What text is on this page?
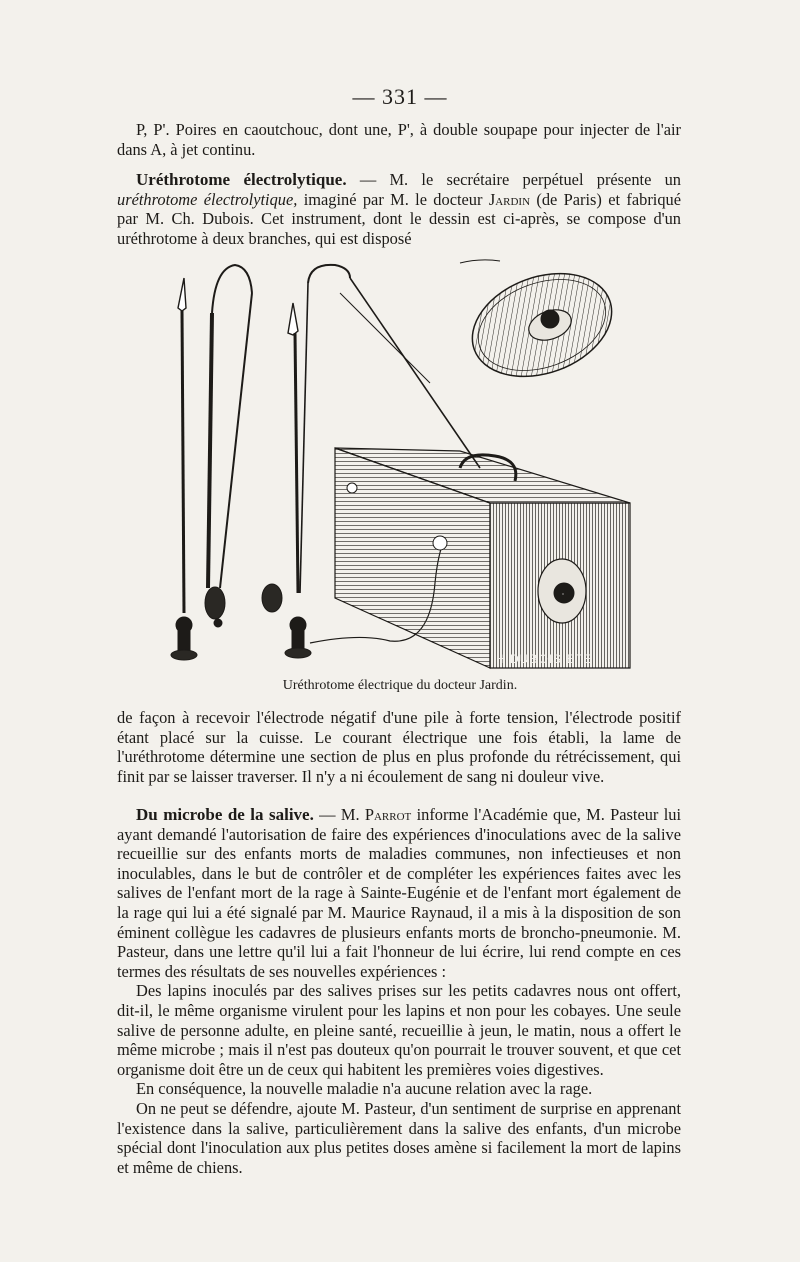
— 331 —

P, P'. Poires en caoutchouc, dont une, P', à double soupape pour injecter de l'air dans A, à jet continu.

Uréthrotome électrolytique. — M. le secrétaire perpétuel présente un uréthrotome électrolytique, imaginé par M. le docteur Jardin (de Paris) et fabriqué par M. Ch. Dubois. Cet instrument, dont le dessin est ci-après, se compose d'un uréthrotome à deux branches, qui est disposé

H.DUBOIS.ETE
Uréthrotome électrique du docteur Jardin.

de façon à recevoir l'électrode négatif d'une pile à forte tension, l'électrode positif étant placé sur la cuisse. Le courant électrique une fois établi, la lame de l'uréthrotome détermine une section de plus en plus profonde du rétrécissement, qui finit par se laisser traverser. Il n'y a ni écoulement de sang ni douleur vive.

Du microbe de la salive. — M. Parrot informe l'Académie que, M. Pasteur lui ayant demandé l'autorisation de faire des expériences d'inoculations avec de la salive recueillie sur des enfants morts de maladies communes, non infectieuses et non inoculables, dans le but de contrôler et de compléter les expériences faites avec les salives de l'enfant mort de la rage à Sainte-Eugénie et de l'enfant mort également de la rage qui lui a été signalé par M. Maurice Raynaud, il a mis à la disposition de son éminent collègue les cadavres de plusieurs enfants morts de broncho-pneumonie. M. Pasteur, dans une lettre qu'il lui a fait l'honneur de lui écrire, lui rend compte en ces termes des résultats de ses nouvelles expériences :

Des lapins inoculés par des salives prises sur les petits cadavres nous ont offert, dit-il, le même organisme virulent pour les lapins et non pour les cobayes. Une seule salive de personne adulte, en pleine santé, recueillie à jeun, le matin, nous a offert le même microbe ; mais il n'est pas douteux qu'on pourrait le trouver souvent, et que cet organisme doit être un de ceux qui habitent les premières voies digestives.

En conséquence, la nouvelle maladie n'a aucune relation avec la rage.

On ne peut se défendre, ajoute M. Pasteur, d'un sentiment de surprise en apprenant l'existence dans la salive, particulièrement dans la salive des enfants, d'un microbe spécial dont l'inoculation aux plus petites doses amène si facilement la mort de lapins et même de chiens.
